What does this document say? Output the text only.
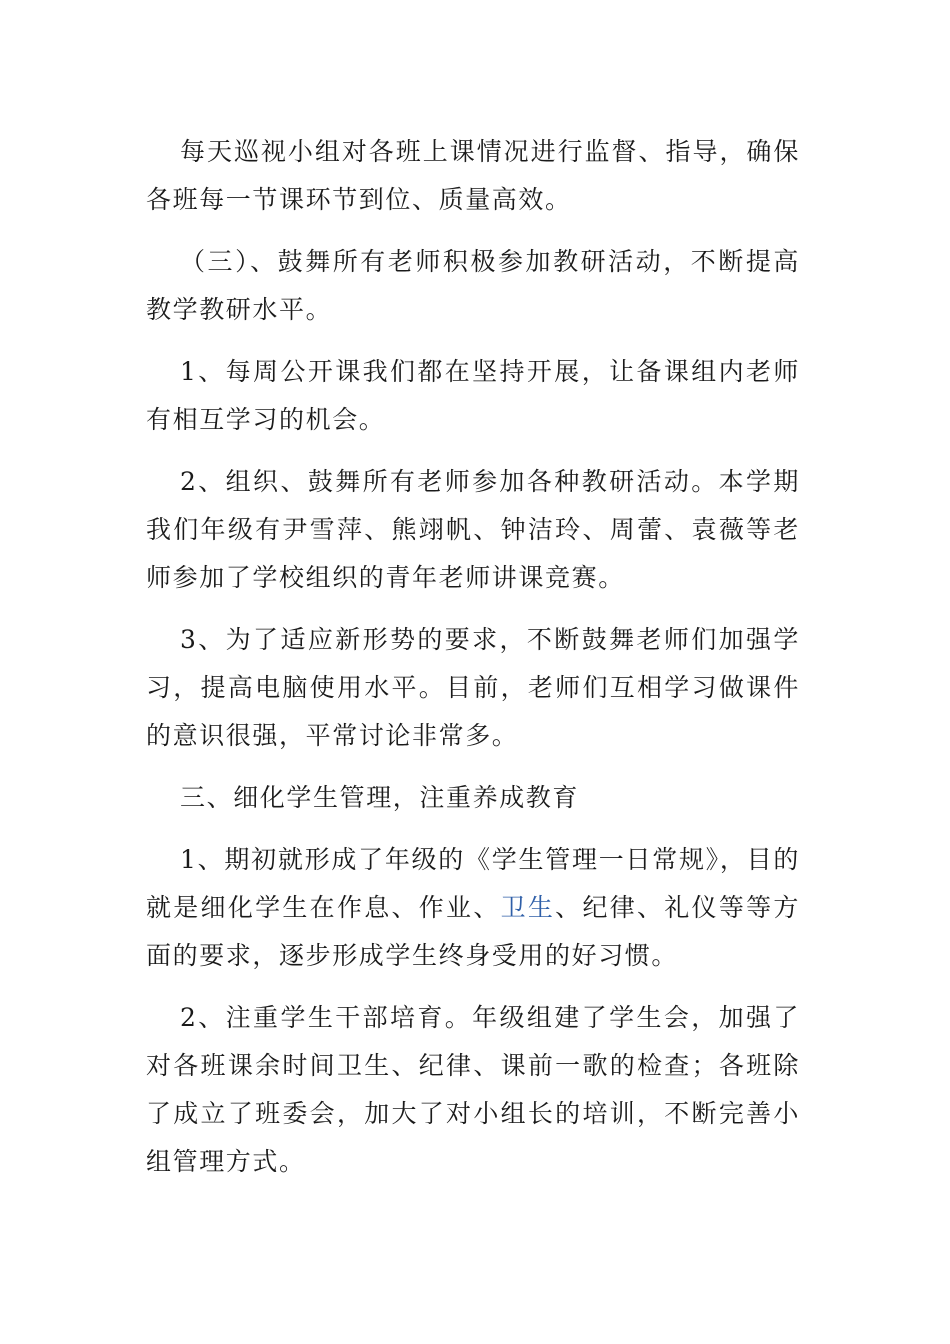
每天巡视小组对各班上课情况进行监督、指导，确保各班每一节课环节到位、质量高效。

（三）、鼓舞所有老师积极参加教研活动，不断提高教学教研水平。

1、每周公开课我们都在坚持开展，让备课组内老师有相互学习的机会。

2、组织、鼓舞所有老师参加各种教研活动。本学期我们年级有尹雪萍、熊翊帆、钟洁玲、周蕾、袁薇等老师参加了学校组织的青年老师讲课竞赛。

3、为了适应新形势的要求，不断鼓舞老师们加强学习，提高电脑使用水平。目前，老师们互相学习做课件的意识很强，平常讨论非常多。

三、细化学生管理，注重养成教育

1、期初就形成了年级的《学生管理一日常规》，目的就是细化学生在作息、作业、卫生、纪律、礼仪等等方面的要求，逐步形成学生终身受用的好习惯。

2、注重学生干部培育。年级组建了学生会，加强了对各班课余时间卫生、纪律、课前一歌的检查；各班除了成立了班委会，加大了对小组长的培训，不断完善小组管理方式。
